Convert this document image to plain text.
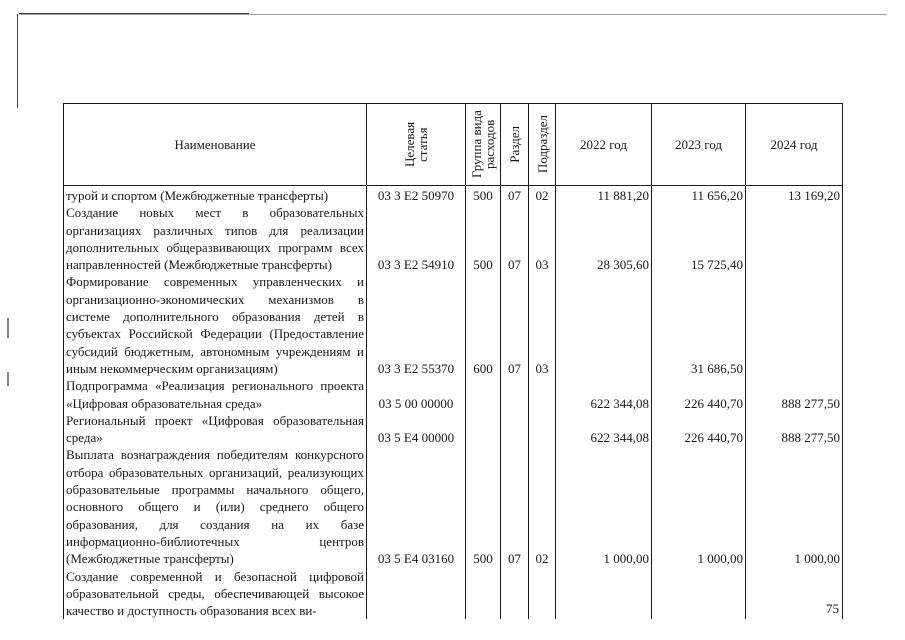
Наименование	Целевая статья	Группа вида расходов	Раздел	Подраздел	2022 год	2023 год	2024 год
турой и спортом (Межбюджетные трансферты)	03 3 E2 50970	500	07	02	11 881,20	11 656,20	13 169,20
Создание новых мест в образовательных организациях различных типов для реализации дополнительных общеразвивающих программ всех направленностей (Межбюджетные трансферты)	03 3 E2 54910	500	07	03	28 305,60	15 725,40	
Формирование современных управленческих и организационно-экономических механизмов в системе дополнительного образования детей в субъектах Российской Федерации (Предоставление субсидий бюджетным, автономным учреждениям и иным некоммерческим организациям)	03 3 E2 55370	600	07	03		31 686,50	
Подпрограмма «Реализация регионального проекта «Цифровая образовательная среда»	03 5 00 00000				622 344,08	226 440,70	888 277,50
Региональный проект «Цифровая образовательная среда»	03 5 E4 00000				622 344,08	226 440,70	888 277,50
Выплата вознаграждения победителям конкурсного отбора образовательных организаций, реализующих образовательные программы начального общего, основного общего и (или) среднего общего образования, для создания на их базе информационно-библиотечных центров (Межбюджетные трансферты)	03 5 E4 03160	500	07	02	1 000,00	1 000,00	1 000,00
Создание современной и безопасной цифровой образовательной среды, обеспечивающей высокое качество и доступность образования всех ви-								75
